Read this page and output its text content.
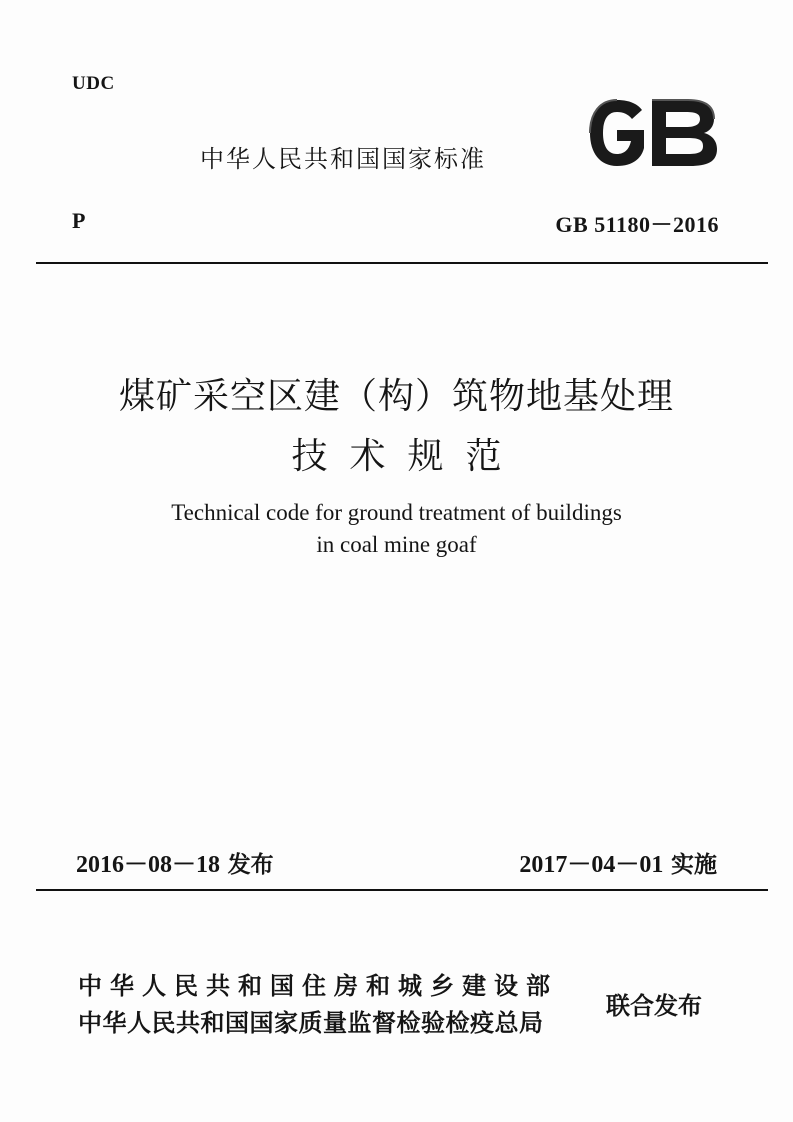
UDC
中华人民共和国国家标准
P	GB 51180－2016
煤矿采空区建（构）筑物地基处理
技术规范
Technical code for ground treatment of buildings
in coal mine goaf
2016－08－18 发布	2017－04－01 实施
中华人民共和国住房和城乡建设部
中华人民共和国国家质量监督检验检疫总局
联合发布
